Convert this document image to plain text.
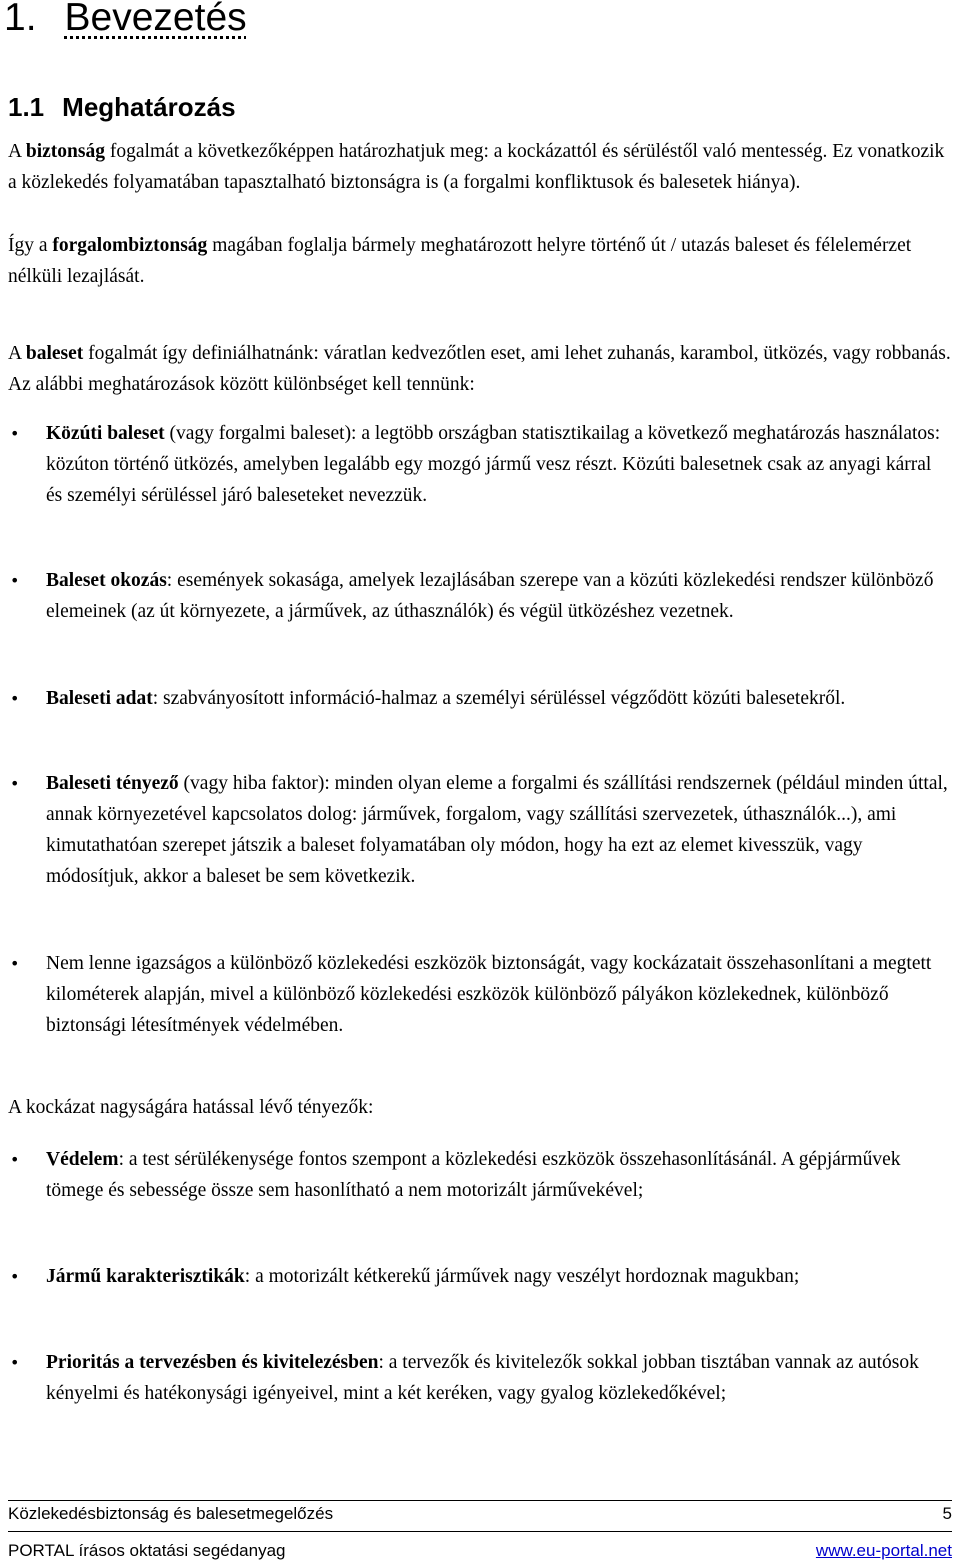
1. Bevezetés
1.1 Meghatározás

A biztonság fogalmát a következőképpen határozhatjuk meg: a kockázattól és sérüléstől való mentesség. Ez vonatkozik a közlekedés folyamatában tapasztalható biztonságra is (a forgalmi konfliktusok és balesetek hiánya).

Így a forgalombiztonság magában foglalja bármely meghatározott helyre történő út / utazás baleset és félelemérzet nélküli lezajlását.

A baleset fogalmát így definiálhatnánk: váratlan kedvezőtlen eset, ami lehet zuhanás, karambol, ütközés, vagy robbanás. Az alábbi meghatározások között különbséget kell tennünk:

• Közúti baleset (vagy forgalmi baleset): a legtöbb országban statisztikailag a következő meghatározás használatos: közúton történő ütközés, amelyben legalább egy mozgó jármű vesz részt. Közúti balesetnek csak az anyagi kárral és személyi sérüléssel járó baleseteket nevezzük.
• Baleset okozás: események sokasága, amelyek lezajlásában szerepe van a közúti közlekedési rendszer különböző elemeinek (az út környezete, a járművek, az úthasználók) és végül ütközéshez vezetnek.
• Baleseti adat: szabványosított információ-halmaz a személyi sérüléssel végződött közúti balesetekről.
• Baleseti tényező (vagy hiba faktor): minden olyan eleme a forgalmi és szállítási rendszernek (például minden úttal, annak környezetével kapcsolatos dolog: járművek, forgalom, vagy szállítási szervezetek, úthasználók...), ami kimutathatóan szerepet játszik a baleset folyamatában oly módon, hogy ha ezt az elemet kivesszük, vagy módosítjuk, akkor a baleset be sem következik.
• Nem lenne igazságos a különböző közlekedési eszközök biztonságát, vagy kockázatait összehasonlítani a megtett kilométerek alapján, mivel a különböző közlekedési eszközök különböző pályákon közlekednek, különböző biztonsági létesítmények védelmében.

A kockázat nagyságára hatással lévő tényezők:

• Védelem: a test sérülékenysége fontos szempont a közlekedési eszközök összehasonlításánál. A gépjárművek tömege és sebessége össze sem hasonlítható a nem motorizált járművekével;
• Jármű karakterisztikák: a motorizált kétkerekű járművek nagy veszélyt hordoznak magukban;
• Prioritás a tervezésben és kivitelezésben: a tervezők és kivitelezők sokkal jobban tisztában vannak az autósok kényelmi és hatékonysági igényeivel, mint a két keréken, vagy gyalog közlekedőkével;
Közlekedésbiztonság és balesetmegelőzés	5
PORTAL írásos oktatási segédanyag	www.eu-portal.net
